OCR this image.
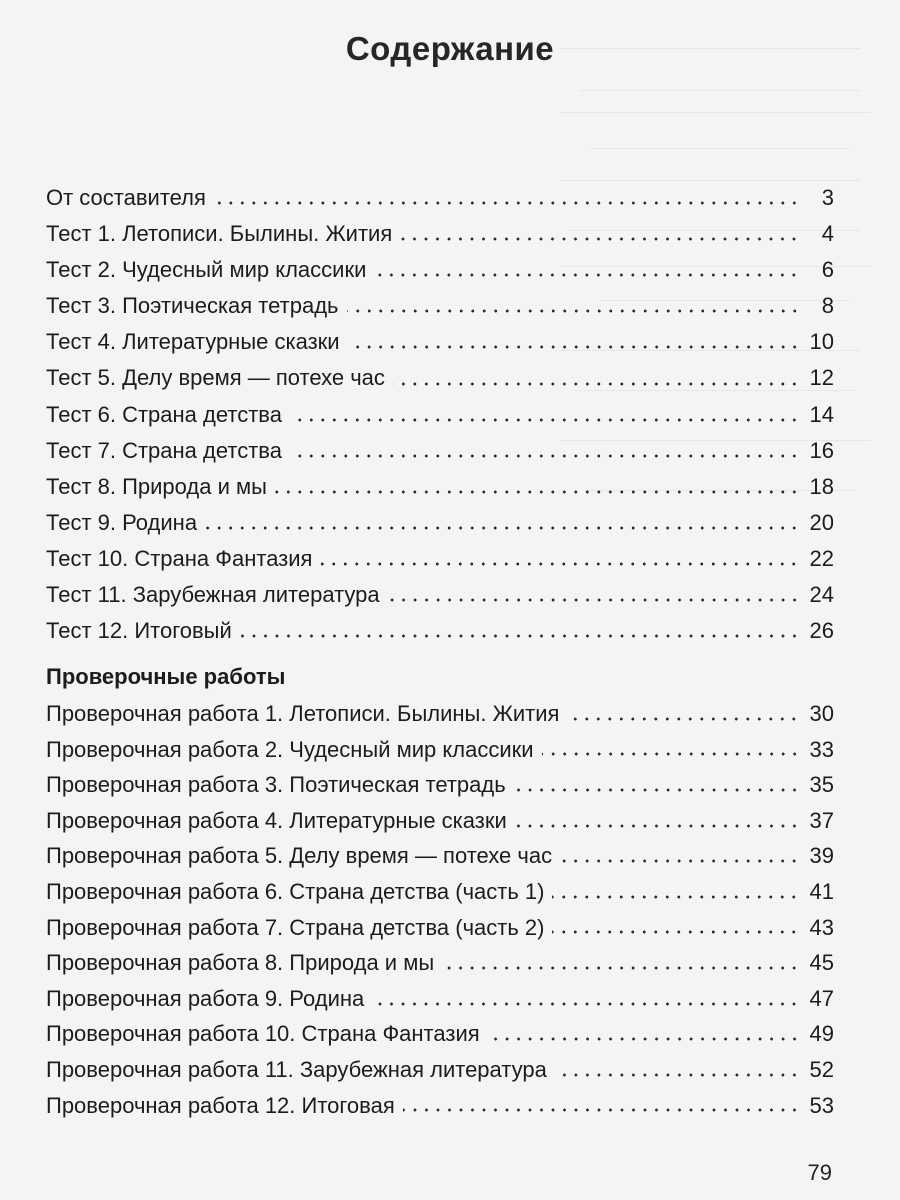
Содержание
От составителя	3
Тест 1. Летописи. Былины. Жития	4
Тест 2. Чудесный мир классики	6
Тест 3. Поэтическая тетрадь	8
Тест 4. Литературные сказки	10
Тест 5. Делу время — потехе час	12
Тест 6. Страна детства	14
Тест 7. Страна детства	16
Тест 8. Природа и мы	18
Тест 9. Родина	20
Тест 10. Страна Фантазия	22
Тест 11. Зарубежная литература	24
Тест 12. Итоговый	26
Проверочные работы
Проверочная работа 1. Летописи. Былины. Жития	30
Проверочная работа 2. Чудесный мир классики	33
Проверочная работа 3. Поэтическая тетрадь	35
Проверочная работа 4. Литературные сказки	37
Проверочная работа 5. Делу время — потехе час	39
Проверочная работа 6. Страна детства (часть 1)	41
Проверочная работа 7. Страна детства (часть 2)	43
Проверочная работа 8. Природа и мы	45
Проверочная работа 9. Родина	47
Проверочная работа 10. Страна Фантазия	49
Проверочная работа 11. Зарубежная литература	52
Проверочная работа 12. Итоговая	53
79
